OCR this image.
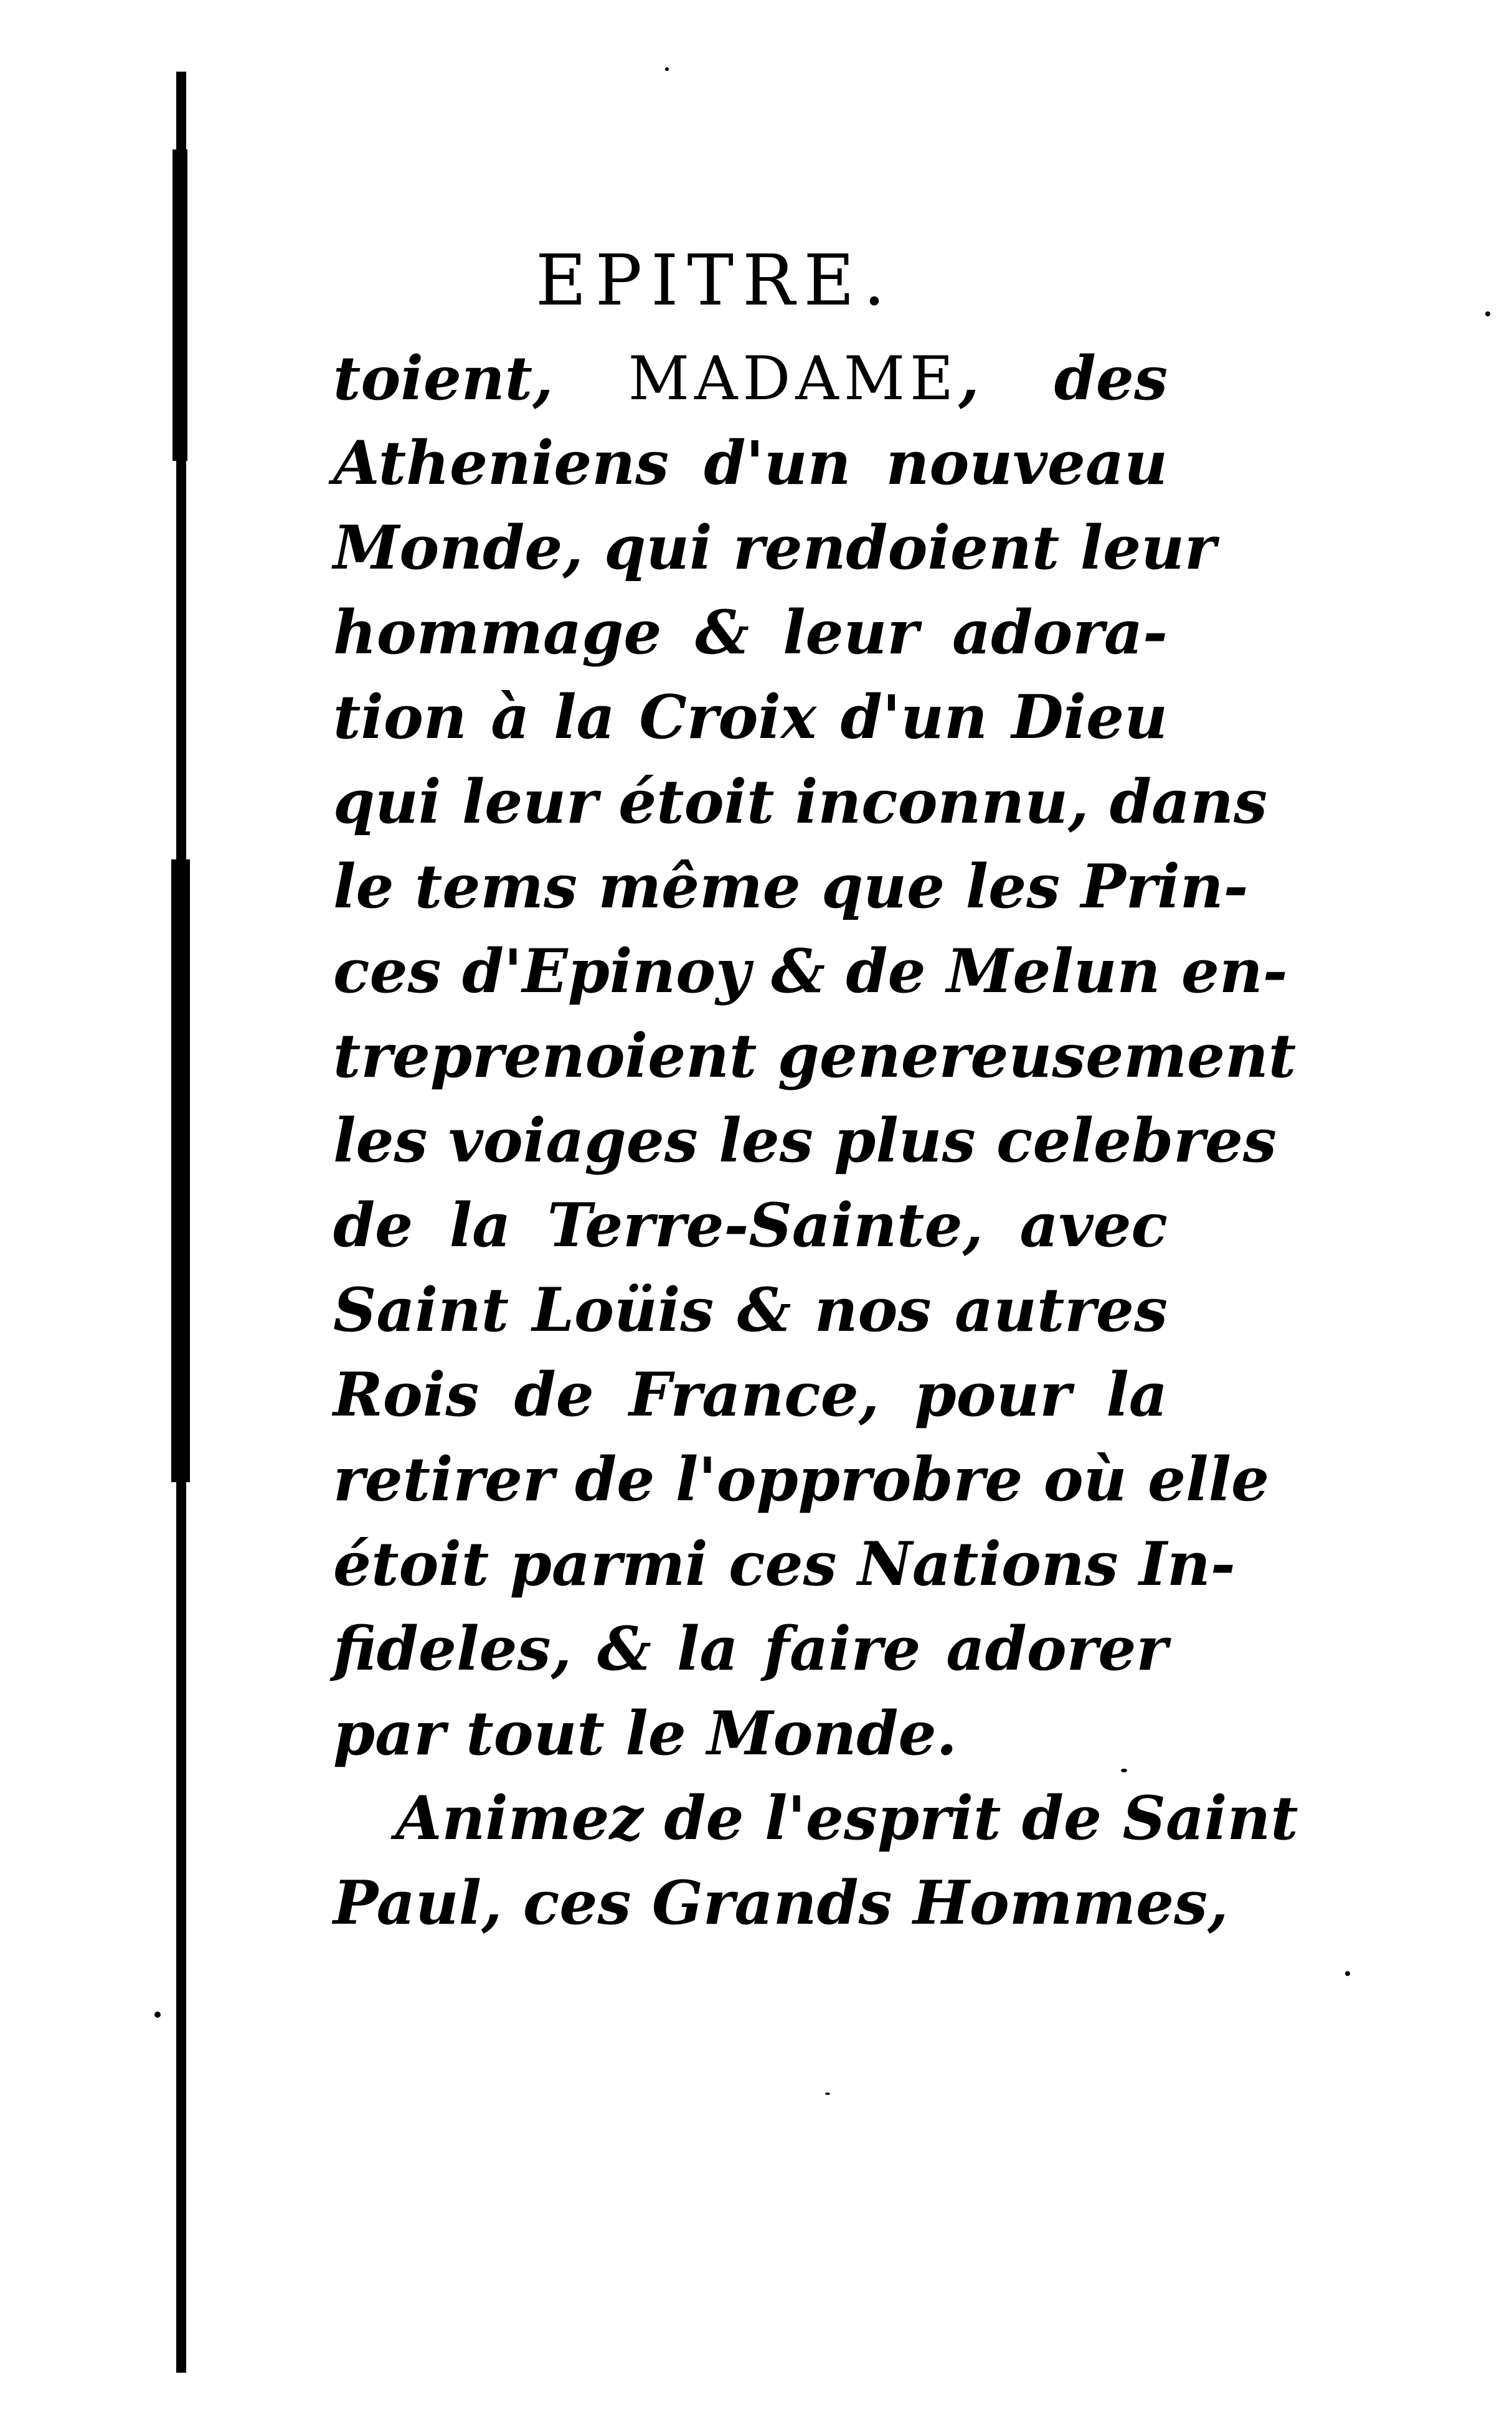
EPITRE.
toient, MADAME, des
Atheniens d'un nouveau
Monde, qui rendoient leur
hommage & leur adora-
tion à la Croix d'un Dieu
qui leur étoit inconnu, dans
le tems même que les Prin-
ces d'Epinoy & de Melun en-
treprenoient genereusement
les voiages les plus celebres
de la Terre-Sainte, avec
Saint Loüis & nos autres
Rois de France, pour la
retirer de l'opprobre où elle
étoit parmi ces Nations In-
fideles, & la faire adorer
par tout le Monde.
Animez de l'esprit de Saint
Paul, ces Grands Hommes,
